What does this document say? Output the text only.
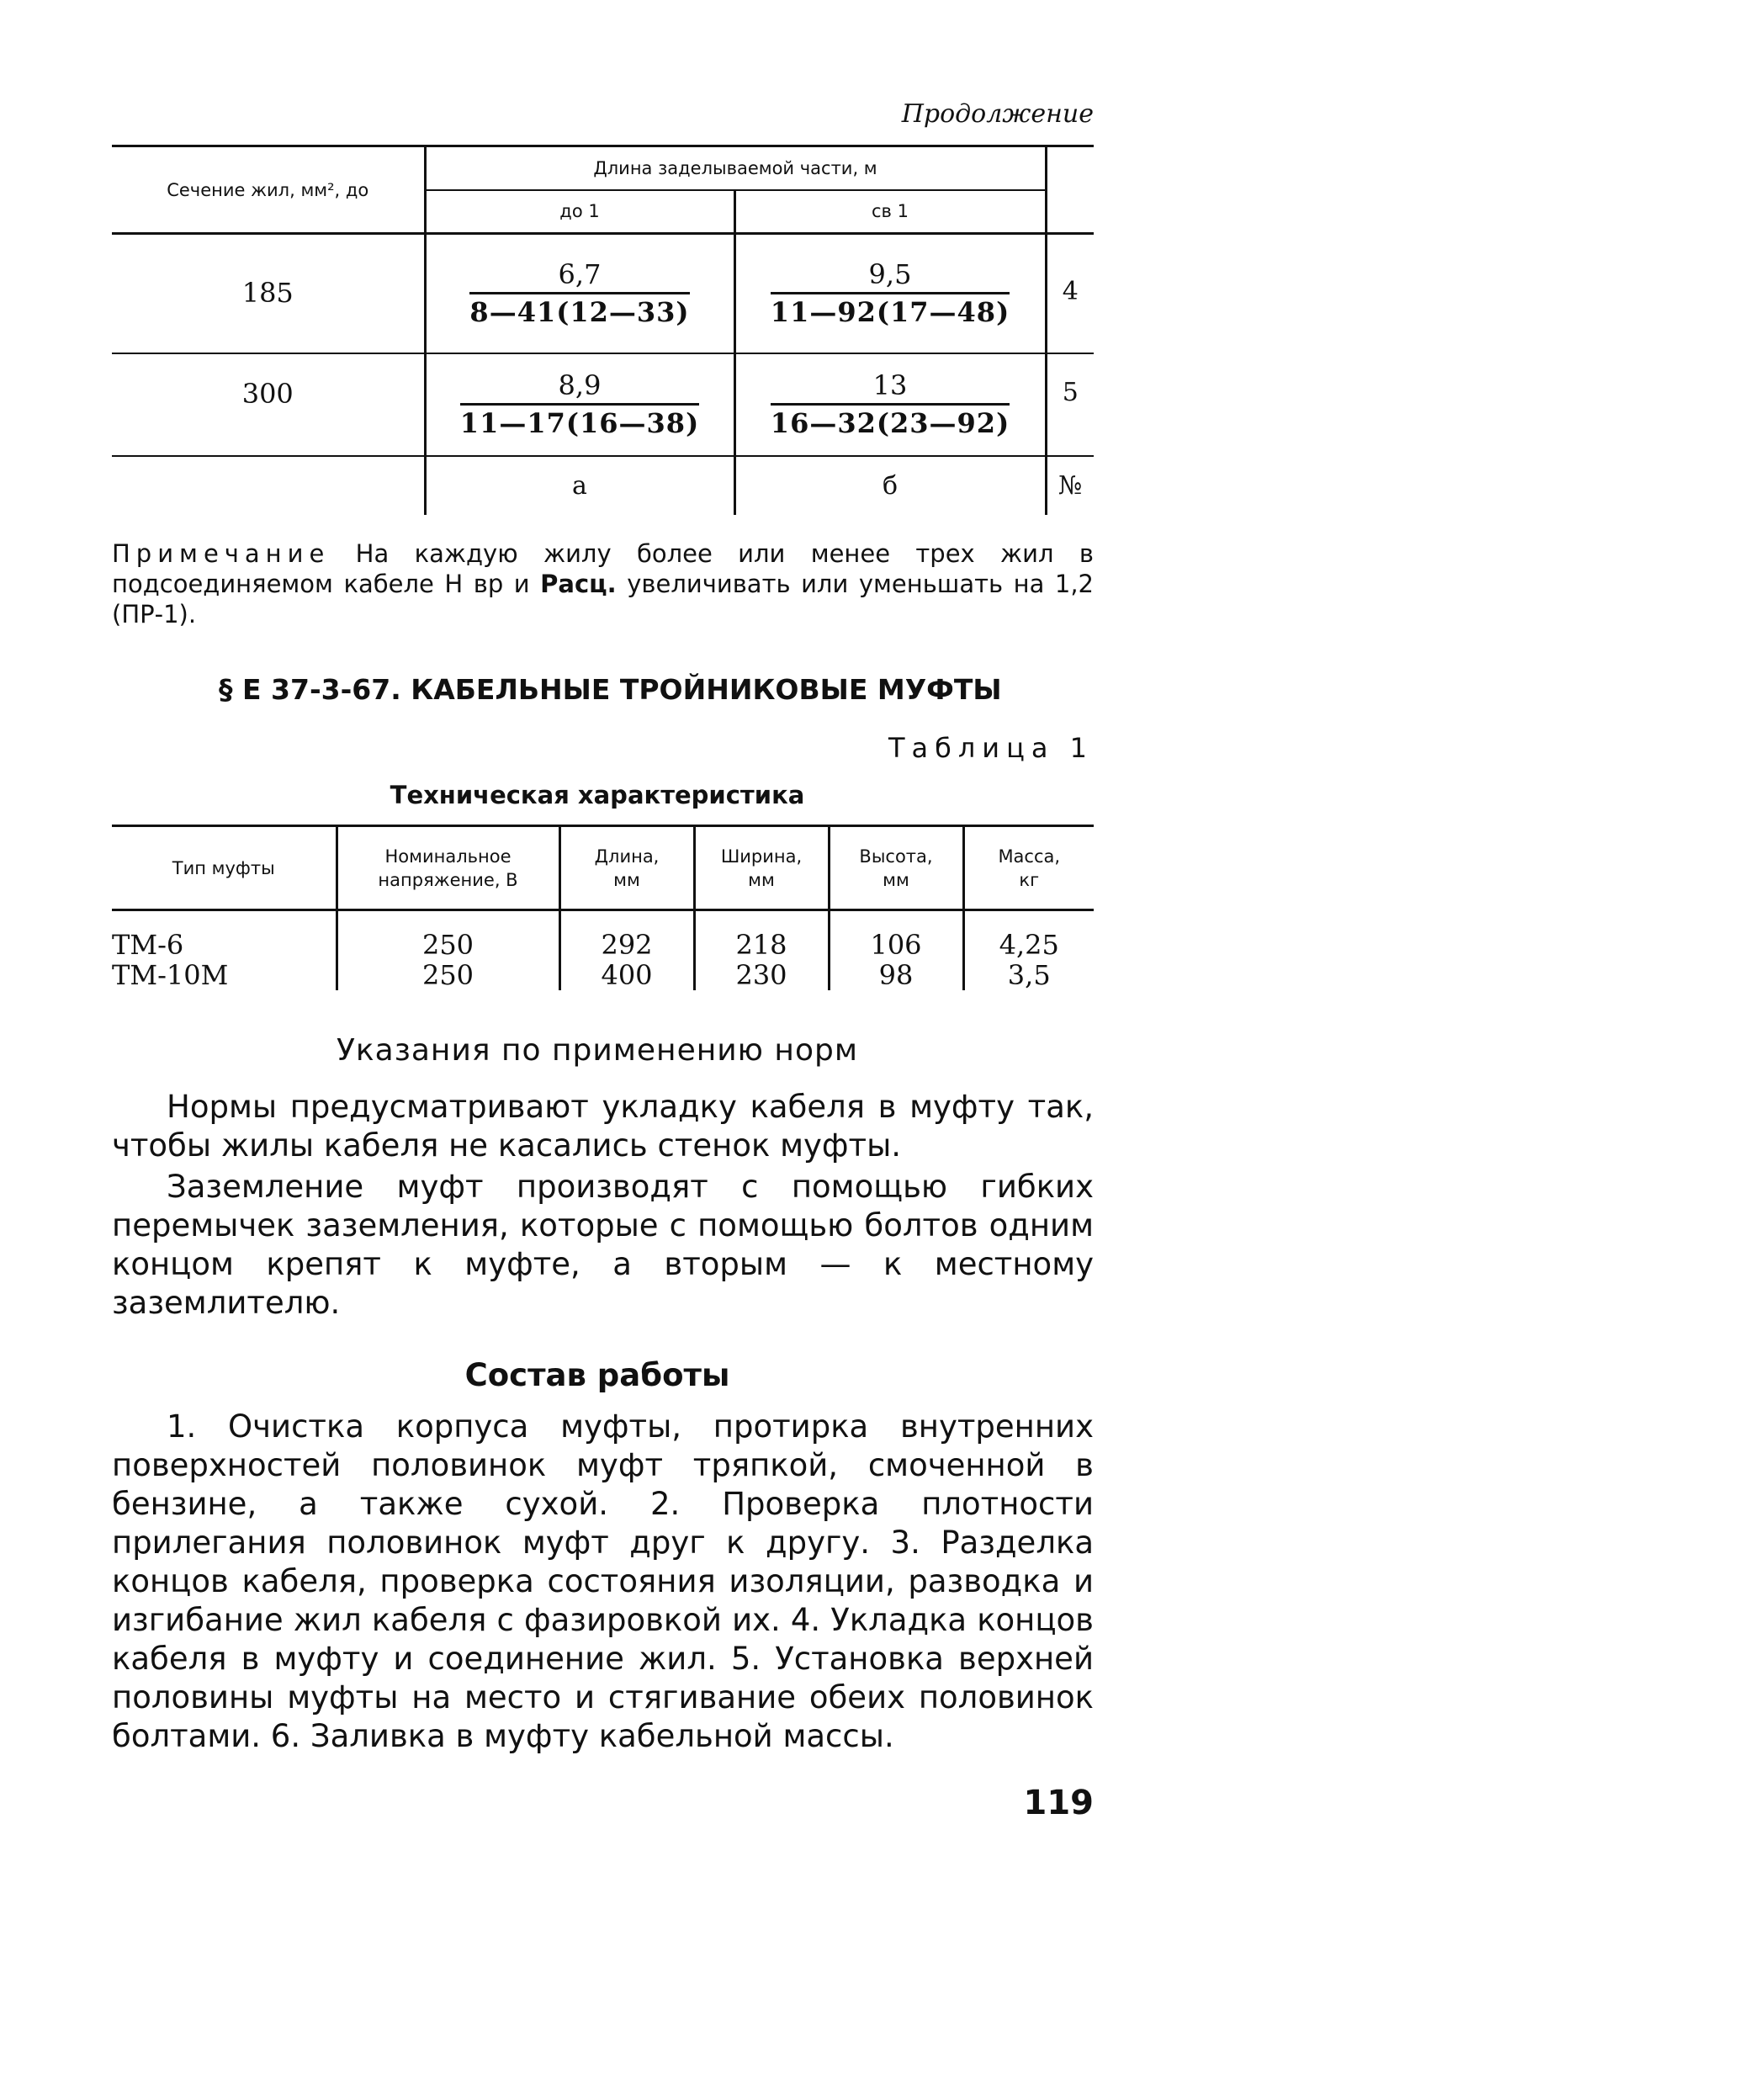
Продолжение
Сечение жил, мм², до	Длина заделываемой части, м		
	до 1	св 1	
185	$\frac{6,7}{8—41(12—33)}$	$\frac{9,5}{11—92(17—48)}$	4
300	$\frac{8,9}{11—17(16—38)}$	$\frac{13}{16—32(23—92)}$	5
	а	б	№
Примечание На каждую жилу более или менее трех жил в подсоединяемом кабеле Н вр и Расц. увеличивать или уменьшать на 1,2 (ПР-1).
§ Е 37-3-67. КАБЕЛЬНЫЕ ТРОЙНИКОВЫЕ МУФТЫ
Таблица 1
Техническая характеристика
Тип муфты	Номинальное напряжение, В	Длина, мм	Ширина, мм	Высота, мм	Масса, кг
ТМ-6	250	292	218	106	4,25
ТМ-10М	250	400	230	98	3,5
Указания по применению норм
Нормы предусматривают укладку кабеля в муфту так, чтобы жилы кабеля не касались стенок муфты.
Заземление муфт производят с помощью гибких перемычек заземления, которые с помощью болтов одним концом крепят к муфте, а вторым — к местному заземлителю.
Состав работы
1. Очистка корпуса муфты, протирка внутренних поверхностей половинок муфт тряпкой, смоченной в бензине, а также сухой. 2. Проверка плотности прилегания половинок муфт друг к другу. 3. Разделка концов кабеля, проверка состояния изоляции, разводка и изгибание жил кабеля с фазировкой их. 4. Укладка концов кабеля в муфту и соединение жил. 5. Установка верхней половины муфты на место и стягивание обеих половинок болтами. 6. Заливка в муфту кабельной массы.
119
